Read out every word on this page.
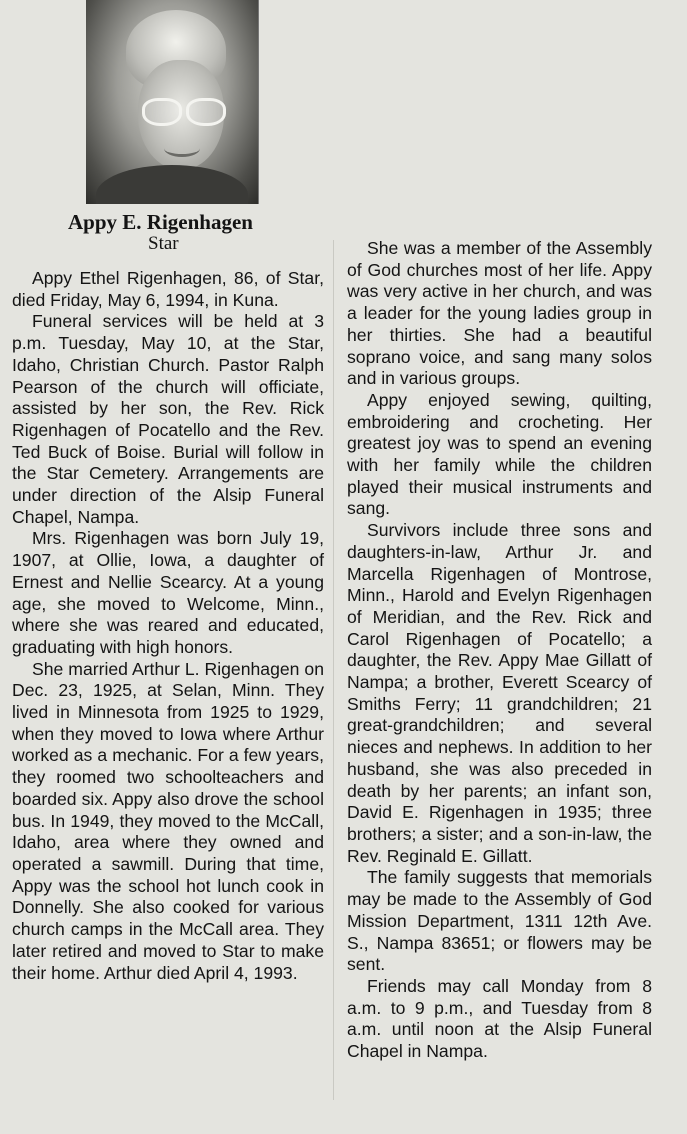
Appy E. Rigenhagen
Star

Appy Ethel Rigenhagen, 86, of Star, died Friday, May 6, 1994, in Kuna.

Funeral services will be held at 3 p.m. Tuesday, May 10, at the Star, Idaho, Christian Church. Pastor Ralph Pearson of the church will officiate, assisted by her son, the Rev. Rick Rigenhagen of Pocatello and the Rev. Ted Buck of Boise. Burial will follow in the Star Cemetery. Arrangements are under direction of the Alsip Funeral Chapel, Nampa.

Mrs. Rigenhagen was born July 19, 1907, at Ollie, Iowa, a daughter of Ernest and Nellie Scearcy. At a young age, she moved to Welcome, Minn., where she was reared and educated, graduating with high honors.

She married Arthur L. Rigenhagen on Dec. 23, 1925, at Selan, Minn. They lived in Minnesota from 1925 to 1929, when they moved to Iowa where Arthur worked as a mechanic. For a few years, they roomed two schoolteachers and boarded six. Appy also drove the school bus. In 1949, they moved to the McCall, Idaho, area where they owned and operated a sawmill. During that time, Appy was the school hot lunch cook in Donnelly. She also cooked for various church camps in the McCall area. They later retired and moved to Star to make their home. Arthur died April 4, 1993.

She was a member of the Assembly of God churches most of her life. Appy was very active in her church, and was a leader for the young ladies group in her thirties. She had a beautiful soprano voice, and sang many solos and in various groups.

Appy enjoyed sewing, quilting, embroidering and crocheting. Her greatest joy was to spend an evening with her family while the children played their musical instruments and sang.

Survivors include three sons and daughters-in-law, Arthur Jr. and Marcella Rigenhagen of Montrose, Minn., Harold and Evelyn Rigenhagen of Meridian, and the Rev. Rick and Carol Rigenhagen of Pocatello; a daughter, the Rev. Appy Mae Gillatt of Nampa; a brother, Everett Scearcy of Smiths Ferry; 11 grandchildren; 21 great-grandchildren; and several nieces and nephews. In addition to her husband, she was also preceded in death by her parents; an infant son, David E. Rigenhagen in 1935; three brothers; a sister; and a son-in-law, the Rev. Reginald E. Gillatt.

The family suggests that memorials may be made to the Assembly of God Mission Department, 1311 12th Ave. S., Nampa 83651; or flowers may be sent.

Friends may call Monday from 8 a.m. to 9 p.m., and Tuesday from 8 a.m. until noon at the Alsip Funeral Chapel in Nampa.
